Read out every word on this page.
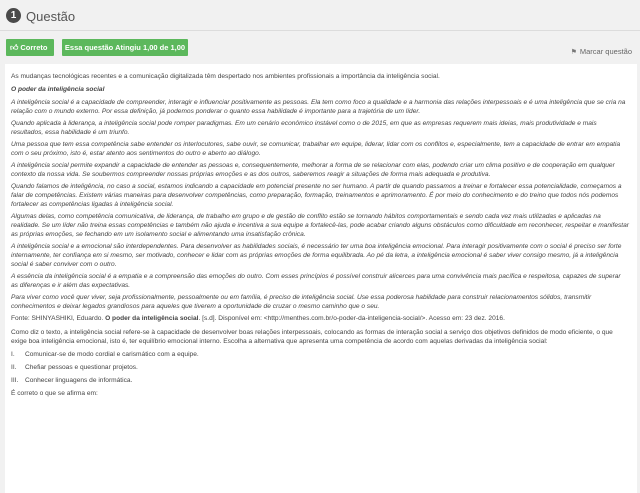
1 Questão
👍︎ Correto	Essa questão Atingiu 1,00 de 1,00
⚑ Marcar questão

As mudanças tecnológicas recentes e a comunicação digitalizada têm despertado nos ambientes profissionais a importância da inteligência social.

O poder da inteligência social

A inteligência social é a capacidade de compreender, interagir e influenciar positivamente as pessoas. Ela tem como foco a qualidade e a harmonia das relações interpessoais e é uma inteligência que se cria na relação com o mundo externo. Por essa definição, já podemos ponderar o quanto essa habilidade é importante para a trajetória de um líder.

Quando aplicada à liderança, a inteligência social pode romper paradigmas. Em um cenário econômico instável como o de 2015, em que as empresas requerem mais ideias, mais produtividade e mais resultados, essa habilidade é um triunfo.

Uma pessoa que tem essa competência sabe entender os interlocutores, sabe ouvir, se comunicar, trabalhar em equipe, liderar, lidar com os conflitos e, especialmente, tem a capacidade de entrar em empatia com o seu próximo, isto é, estar atento aos sentimentos do outro e aberto ao diálogo.

A inteligência social permite expandir a capacidade de entender as pessoas e, consequentemente, melhorar a forma de se relacionar com elas, podendo criar um clima positivo e de cooperação em qualquer contexto da nossa vida. Se soubermos compreender nossas próprias emoções e as dos outros, saberemos reagir a situações de forma mais adequada e produtiva.

Quando falamos de inteligência, no caso a social, estamos indicando a capacidade em potencial presente no ser humano. A partir de quando passamos a treinar e fortalecer essa potencialidade, começamos a falar de competências. Existem várias maneiras para desenvolver competências, como preparação, formação, treinamentos e aprimoramento. É por meio do conhecimento e do treino que todos nós podemos fortalecer as competências ligadas à inteligência social.

Algumas delas, como competência comunicativa, de liderança, de trabalho em grupo e de gestão de conflito estão se tornando hábitos comportamentais e sendo cada vez mais utilizadas e aplicadas na realidade. Se um líder não treina essas competências e também não ajuda e incentiva a sua equipe a fortalecê-las, pode acabar criando alguns obstáculos como dificuldade em reconhecer, respeitar e manifestar as próprias emoções, se fechando em um isolamento social e alimentando uma insatisfação crônica.

A inteligência social e a emocional são interdependentes. Para desenvolver as habilidades sociais, é necessário ter uma boa inteligência emocional. Para interagir positivamente com o social é preciso ser forte internamente, ter confiança em si mesmo, ser motivado, conhecer e lidar com as próprias emoções de forma equilibrada. Ao pé da letra, a inteligência emocional é saber viver consigo mesmo, já a inteligência social é saber conviver com o outro.

A essência da inteligência social é a empatia e a compreensão das emoções do outro. Com esses princípios é possível construir alicerces para uma convivência mais pacífica e respeitosa, capazes de superar as diferenças e ir além das expectativas.

Para viver como você quer viver, seja profissionalmente, pessoalmente ou em família, é preciso de inteligência social. Use essa poderosa habilidade para construir relacionamentos sólidos, transmitir conhecimentos e deixar legados grandiosos para aqueles que tiverem a oportunidade de cruzar o mesmo caminho que o seu.

Fonte: SHINYASHIKI, Eduardo. O poder da inteligência social. [s.d]. Disponível em: <http://menthes.com.br/o-poder-da-inteligencia-social/>. Acesso em: 23 dez. 2016.

Como diz o texto, a inteligência social refere-se à capacidade de desenvolver boas relações interpessoais, colocando as formas de interação social a serviço dos objetivos definidos de modo eficiente, o que exige boa inteligência emocional, isto é, ter equilíbrio emocional interno. Escolha a alternativa que apresenta uma competência de acordo com aquelas derivadas da inteligência social:

I. Comunicar-se de modo cordial e carismático com a equipe.
II. Chefiar pessoas e questionar projetos.
III. Conhecer linguagens de informática.

É correto o que se afirma em:
